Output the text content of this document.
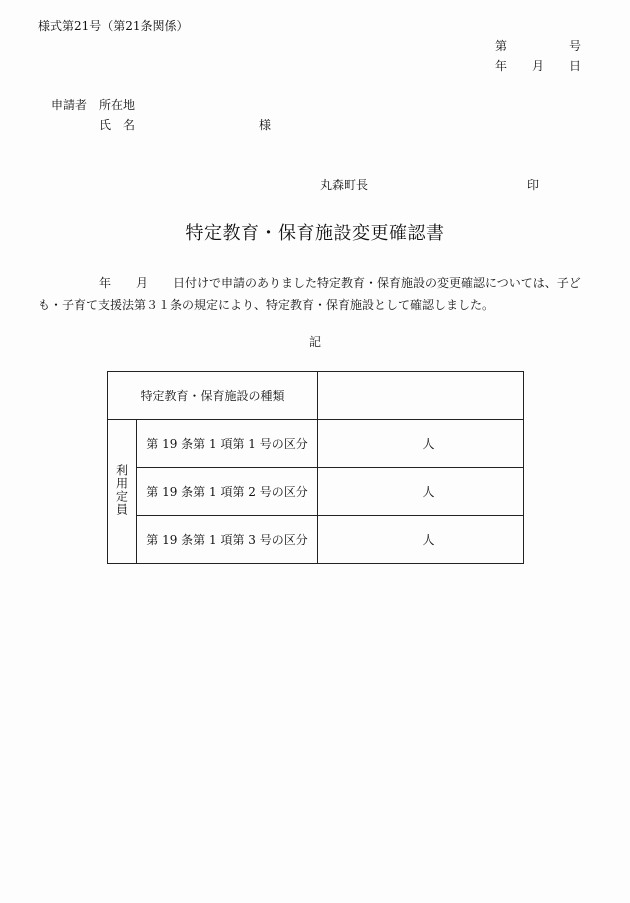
様式第21号（第21条関係）
第	号
年 月 日
申請者 所在地
氏　名	様
丸森町長	印
特定教育・保育施設変更確認書
年 月	日付けで申請のありました特定教育・保育施設の変更確認については、子ども・子育て支援法第３１条の規定により、特定教育・保育施設として確認しました。
記
特定教育・保育施設の種類		
利用定員	第 19 条第 1 項第 1 号の区分	人
	第 19 条第 1 項第 2 号の区分	人
	第 19 条第 1 項第 3 号の区分	人
